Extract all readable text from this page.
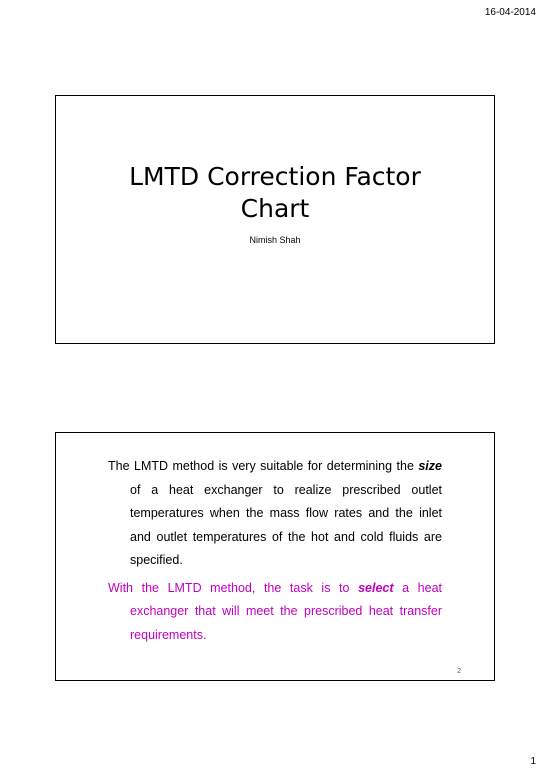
16-04-2014
LMTD Correction Factor
Chart
Nimish Shah

The LMTD method is very suitable for determining the size of a heat exchanger to realize prescribed outlet temperatures when the mass flow rates and the inlet and outlet temperatures of the hot and cold fluids are specified.

With the LMTD method, the task is to select a heat exchanger that will meet the prescribed heat transfer requirements.

2
1
